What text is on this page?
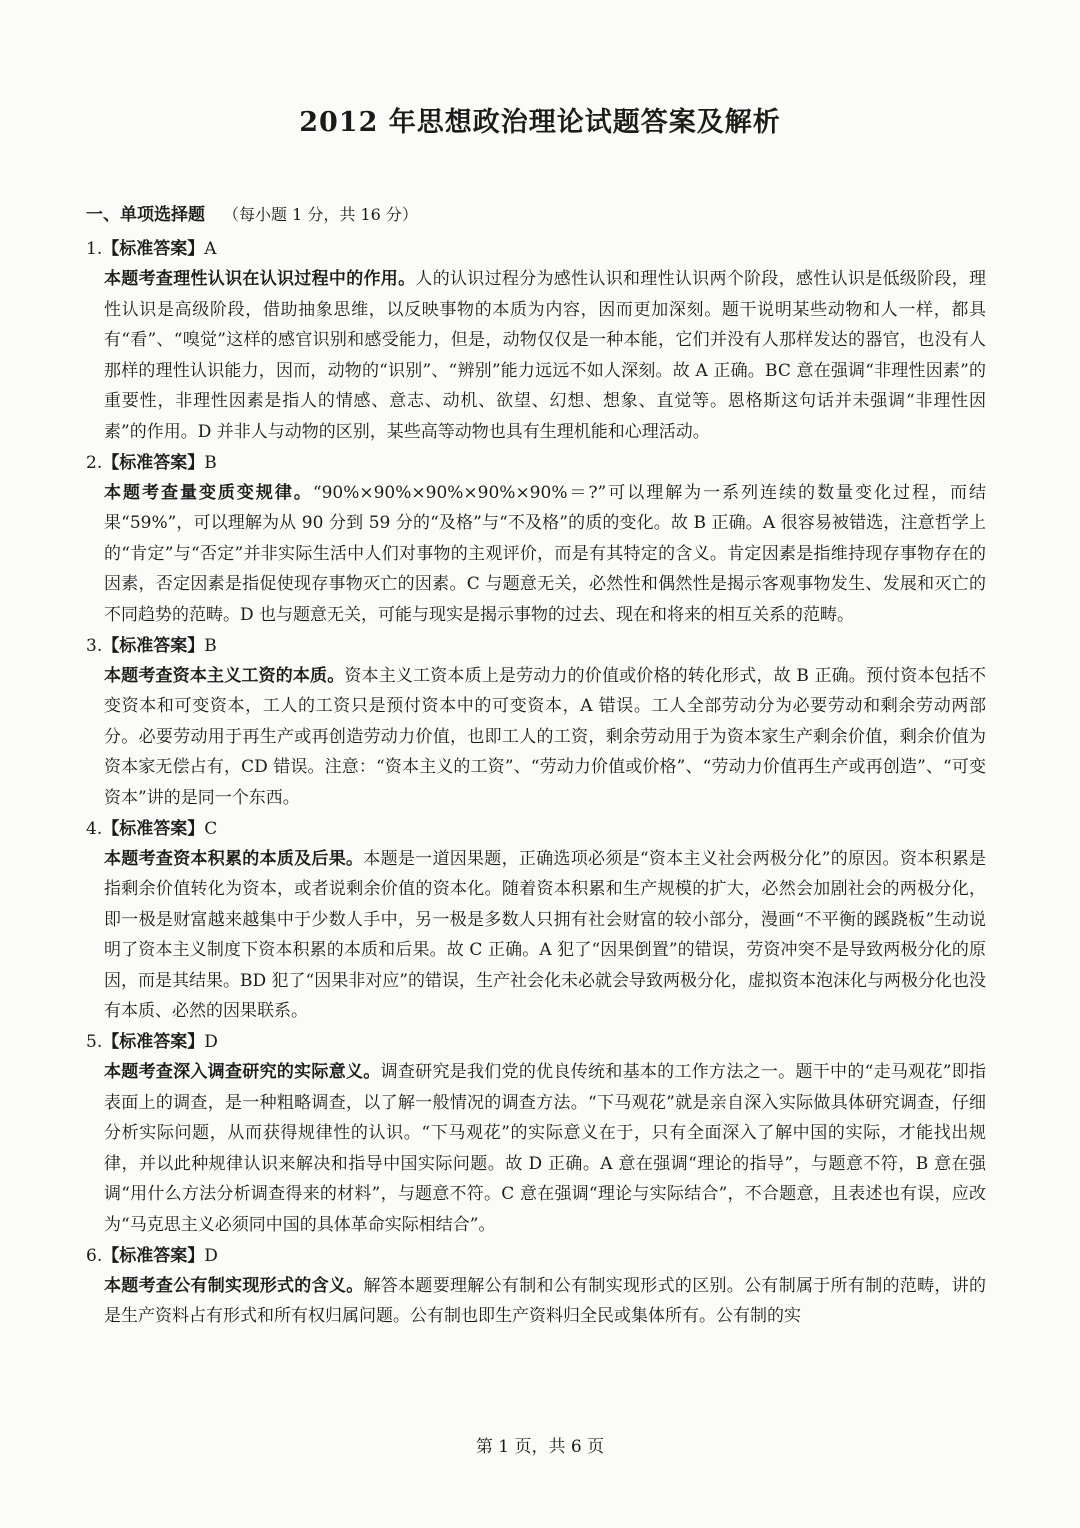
2012 年思想政治理论试题答案及解析
一、单项选择题 （每小题 1 分，共 16 分）
1.【标准答案】A
本题考查理性认识在认识过程中的作用。人的认识过程分为感性认识和理性认识两个阶段，感性认识是低级阶段，理性认识是高级阶段，借助抽象思维，以反映事物的本质为内容，因而更加深刻。题干说明某些动物和人一样，都具有“看”、“嗅觉”这样的感官识别和感受能力，但是，动物仅仅是一种本能，它们并没有人那样发达的器官，也没有人那样的理性认识能力，因而，动物的“识别”、“辨别”能力远远不如人深刻。故 A 正确。BC 意在强调“非理性因素”的重要性，非理性因素是指人的情感、意志、动机、欲望、幻想、想象、直觉等。恩格斯这句话并未强调“非理性因素”的作用。D 并非人与动物的区别，某些高等动物也具有生理机能和心理活动。
2.【标准答案】B
本题考查量变质变规律。“90%×90%×90%×90%×90%＝?”可以理解为一系列连续的数量变化过程，而结果“59%”，可以理解为从 90 分到 59 分的“及格”与“不及格”的质的变化。故 B 正确。A 很容易被错选，注意哲学上的“肯定”与“否定”并非实际生活中人们对事物的主观评价，而是有其特定的含义。肯定因素是指维持现存事物存在的因素，否定因素是指促使现存事物灭亡的因素。C 与题意无关，必然性和偶然性是揭示客观事物发生、发展和灭亡的不同趋势的范畴。D 也与题意无关，可能与现实是揭示事物的过去、现在和将来的相互关系的范畴。
3.【标准答案】B
本题考查资本主义工资的本质。资本主义工资本质上是劳动力的价值或价格的转化形式，故 B 正确。预付资本包括不变资本和可变资本，工人的工资只是预付资本中的可变资本，A 错误。工人全部劳动分为必要劳动和剩余劳动两部分。必要劳动用于再生产或再创造劳动力价值，也即工人的工资，剩余劳动用于为资本家生产剩余价值，剩余价值为资本家无偿占有，CD 错误。注意：“资本主义的工资”、“劳动力价值或价格”、“劳动力价值再生产或再创造”、“可变资本”讲的是同一个东西。
4.【标准答案】C
本题考查资本积累的本质及后果。本题是一道因果题，正确选项必须是“资本主义社会两极分化”的原因。资本积累是指剩余价值转化为资本，或者说剩余价值的资本化。随着资本积累和生产规模的扩大，必然会加剧社会的两极分化，即一极是财富越来越集中于少数人手中，另一极是多数人只拥有社会财富的较小部分，漫画“不平衡的蹊跷板”生动说明了资本主义制度下资本积累的本质和后果。故 C 正确。A 犯了“因果倒置”的错误，劳资冲突不是导致两极分化的原因，而是其结果。BD 犯了“因果非对应”的错误，生产社会化未必就会导致两极分化，虚拟资本泡沫化与两极分化也没有本质、必然的因果联系。
5.【标准答案】D
本题考查深入调查研究的实际意义。调查研究是我们党的优良传统和基本的工作方法之一。题干中的“走马观花”即指表面上的调查，是一种粗略调查，以了解一般情况的调查方法。“下马观花”就是亲自深入实际做具体研究调查，仔细分析实际问题，从而获得规律性的认识。“下马观花”的实际意义在于，只有全面深入了解中国的实际，才能找出规律，并以此种规律认识来解决和指导中国实际问题。故 D 正确。A 意在强调“理论的指导”，与题意不符，B 意在强调“用什么方法分析调查得来的材料”，与题意不符。C 意在强调“理论与实际结合”，不合题意，且表述也有误，应改为“马克思主义必须同中国的具体革命实际相结合”。
6.【标准答案】D
本题考查公有制实现形式的含义。解答本题要理解公有制和公有制实现形式的区别。公有制属于所有制的范畴，讲的是生产资料占有形式和所有权归属问题。公有制也即生产资料归全民或集体所有。公有制的实
第 1 页，共 6 页
